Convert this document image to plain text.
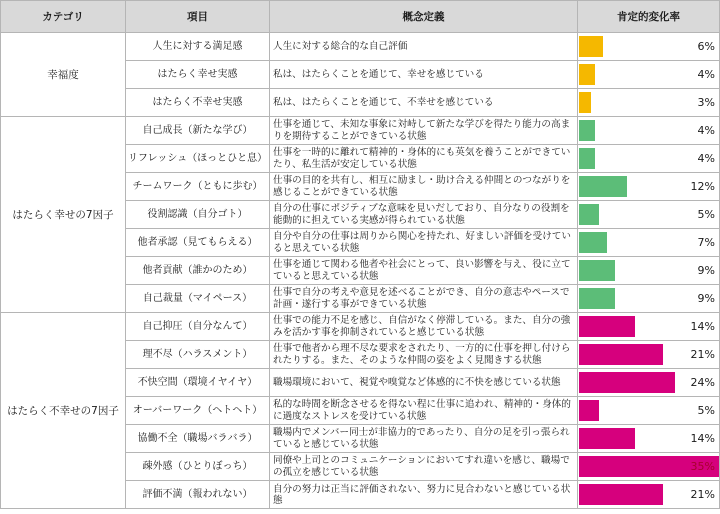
カテゴリ	項目	概念定義	肯定的変化率
幸福度	人生に対する満足感	人生に対する総合的な自己評価	6%

	はたらく幸せ実感	私は、はたらくことを通じて、幸せを感じている	4%

	はたらく不幸せ実感	私は、はたらくことを通じて、不幸せを感じている	3%

はたらく幸せの7因子	自己成長（新たな学び）	仕事を通じて、未知な事象に対峙して新たな学びを得たり能力の高まりを期待することができている状態	4%

	リフレッシュ（ほっとひと息）	仕事を一時的に離れて精神的・身体的にも英気を養うことができていたり、私生活が安定している状態	4%

	チームワーク（ともに歩む）	仕事の目的を共有し、相互に励まし・助け合える仲間とのつながりを感じることができている状態	12%

	役割認識（自分ゴト）	自分の仕事にポジティブな意味を見いだしており、自分なりの役割を能動的に担えている実感が得られている状態	5%

	他者承認（見てもらえる）	自分や自分の仕事は周りから関心を持たれ、好ましい評価を受けていると思えている状態	7%

	他者貢献（誰かのため）	仕事を通じて関わる他者や社会にとって、良い影響を与え、役に立てていると思えている状態	9%

	自己裁量（マイペース）	仕事で自分の考えや意見を述べることができ、自分の意志やペースで計画・遂行する事ができている状態	9%

はたらく不幸せの7因子	自己抑圧（自分なんて）	仕事での能力不足を感じ、自信がなく停滞している。また、自分の強みを活かす事を抑制されていると感じている状態	14%

	理不尽（ハラスメント）	仕事で他者から理不尽な要求をされたり、一方的に仕事を押し付けられたりする。また、そのような仲間の姿をよく見聞きする状態	21%

	不快空間（環境イヤイヤ）	職場環境において、視覚や嗅覚など体感的に不快を感じている状態	24%

	オーバーワーク（ヘトヘト）	私的な時間を断念させるを得ない程に仕事に追われ、精神的・身体的に過度なストレスを受けている状態	5%

	協働不全（職場バラバラ）	職場内でメンバー同士が非協力的であったり、自分の足を引っ張られていると感じている状態	14%

	疎外感（ひとりぼっち）	同僚や上司とのコミュニケーションにおいてすれ違いを感じ、職場での孤立を感じている状態	35%

	評価不満（報われない）	自分の努力は正当に評価されない、努力に見合わないと感じている状態	21%
